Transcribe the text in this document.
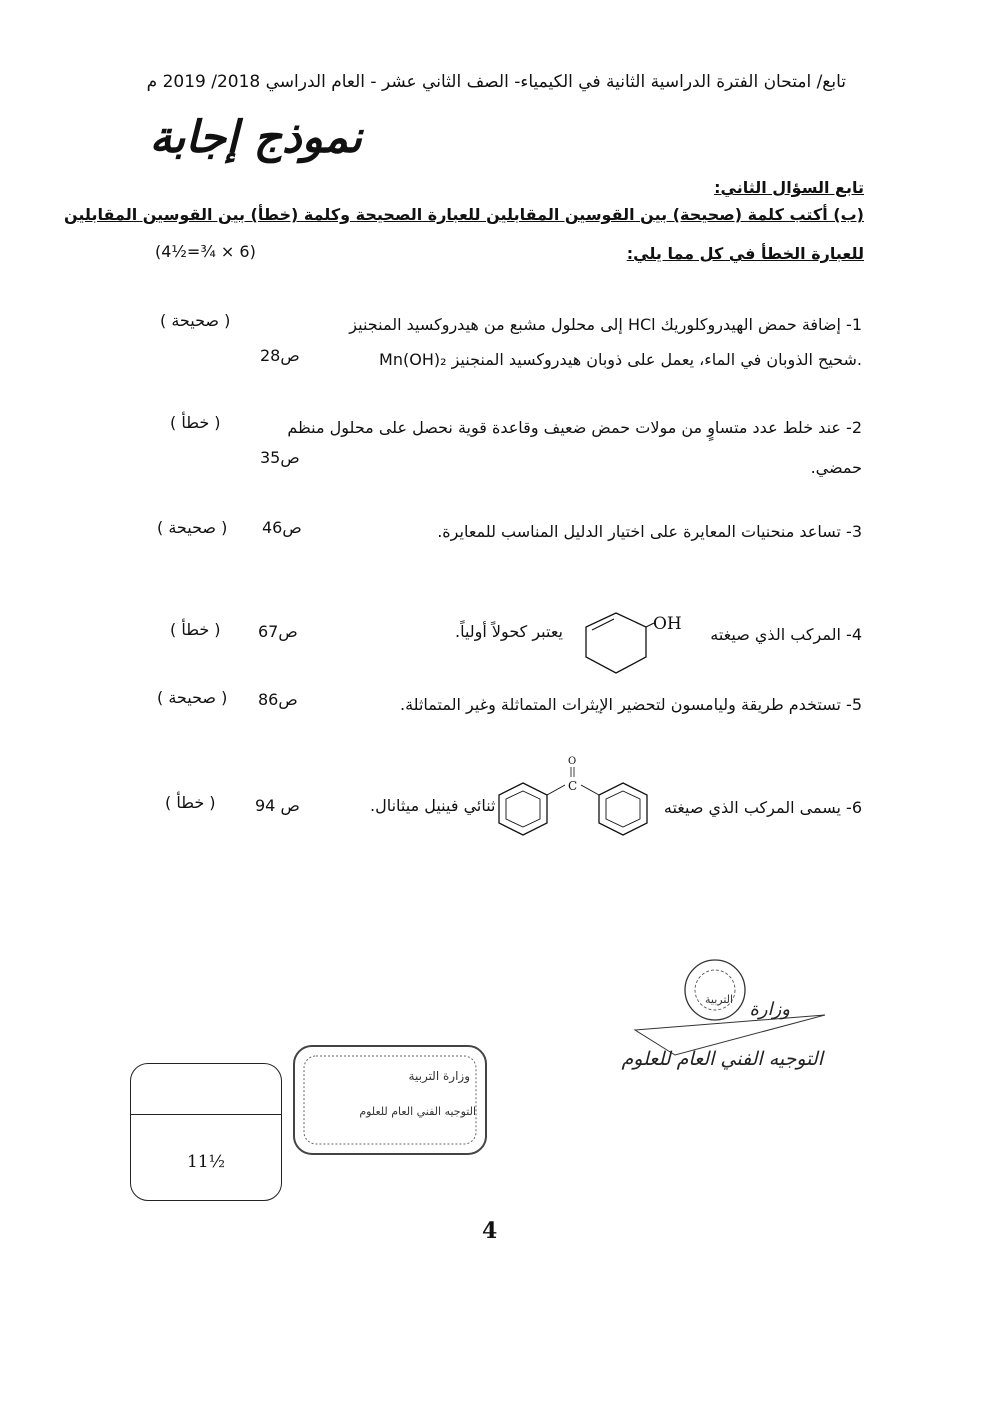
تابع/ امتحان الفترة الدراسية الثانية في الكيمياء- الصف الثاني عشر - العام الدراسي 2018/ 2019 م
نموذج إجابة
تابع السؤال الثاني:
(ب) أكتب كلمة (صحيحة) بين القوسين المقابلين للعبارة الصحيحة وكلمة (خطأ) بين القوسين المقابلين
للعبارة الخطأ في كل مما يلي:
(4½=¾ × 6)
1- إضافة حمض الهيدروكلوريك HCl إلى محلول مشبع من هيدروكسيد المنجنيز
Mn(OH)₂ شحيح الذوبان في الماء، يعمل على ذوبان هيدروكسيد المنجنيز.
ص28
( صحيحة )
2- عند خلط عدد متساوٍ من مولات حمض ضعيف وقاعدة قوية نحصل على محلول منظم
حمضي.
ص35
( خطأ )
3- تساعد منحنيات المعايرة على اختيار الدليل المناسب للمعايرة.
ص46
( صحيحة )
4- المركب الذي صيغته
يعتبر كحولاً أولياً.	OH
ص67
( خطأ )
5- تستخدم طريقة وليامسون لتحضير الإيثرات المتماثلة وغير المتماثلة.
ص86
( صحيحة )
6- يسمى المركب الذي صيغته
ثنائي فينيل ميثانال.
C
O
ص 94
( خطأ )
التربية وزارة
التوجيه الفني العام للعلوم
وزارة التربية
التوجيه الفني العام للعلوم
11½
4
